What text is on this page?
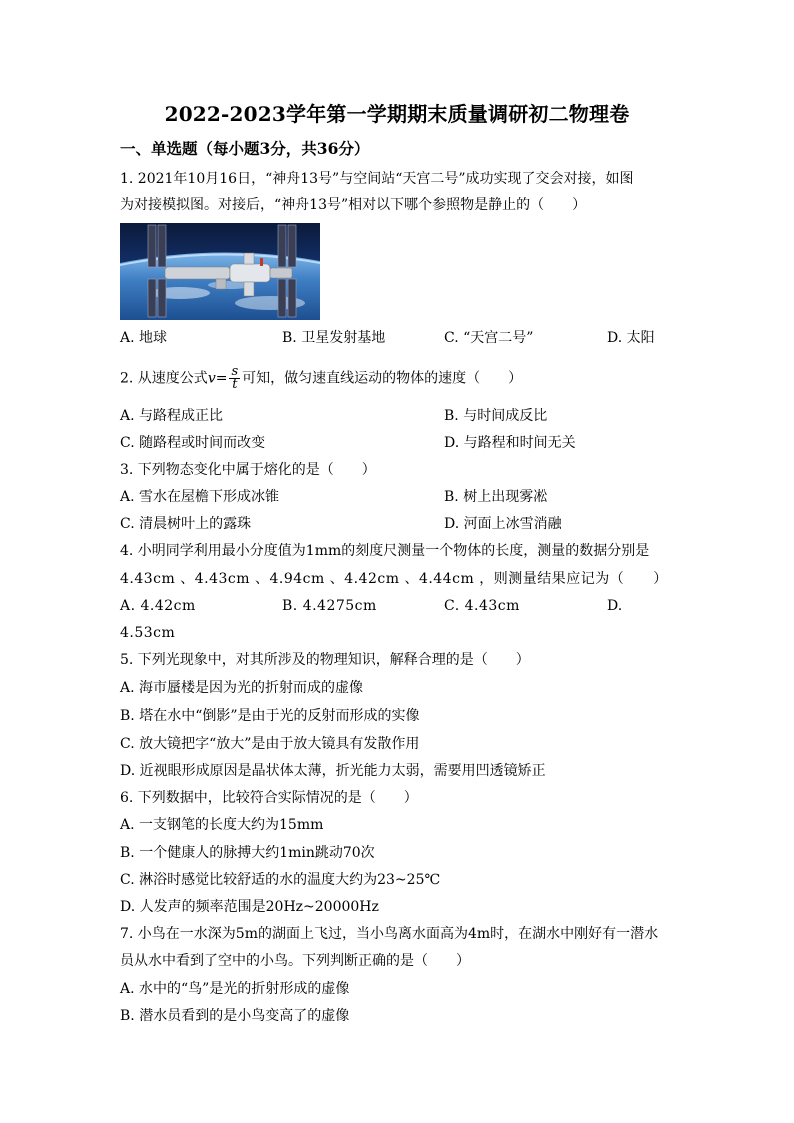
2022-2023学年第一学期期末质量调研初二物理卷
一、单选题（每小题3分，共36分）
1. 2021年10月16日，“神舟13号”与空间站“天宫二号”成功实现了交会对接，如图
为对接模拟图。对接后，“神舟13号”相对以下哪个参照物是静止的（　　）
A. 地球	B. 卫星发射基地	C. “天宫二号”	D. 太阳
2. 从速度公式$v= \frac{s}{t}$ 可知，做匀速直线运动的物体的速度（　　）
A. 与路程成正比	B. 与时间成反比
C. 随路程或时间而改变	D. 与路程和时间无关
3. 下列物态变化中属于熔化的是（　　）
A. 雪水在屋檐下形成冰锥	B. 树上出现雾凇
C. 清晨树叶上的露珠	D. 河面上冰雪消融
4. 小明同学利用最小分度值为1mm的刻度尺测量一个物体的长度，测量的数据分别是
4.43cm 、4.43cm 、4.94cm 、4.42cm 、4.44cm ，则测量结果应记为（　　）
A. 4.42cm	B. 4.4275cm	C. 4.43cm	D.
4.53cm
5. 下列光现象中，对其所涉及的物理知识，解释合理的是（　　）
A. 海市蜃楼是因为光的折射而成的虚像
B. 塔在水中“倒影”是由于光的反射而形成的实像
C. 放大镜把字“放大”是由于放大镜具有发散作用
D. 近视眼形成原因是晶状体太薄，折光能力太弱，需要用凹透镜矫正
6. 下列数据中，比较符合实际情况的是（　　）
A. 一支钢笔的长度大约为15mm
B. 一个健康人的脉搏大约1min跳动70次
C. 淋浴时感觉比较舒适的水的温度大约为23~25℃
D. 人发声的频率范围是20Hz~20000Hz
7. 小鸟在一水深为5m的湖面上飞过，当小鸟离水面高为4m时，在湖水中刚好有一潜水
员从水中看到了空中的小鸟。下列判断正确的是（　　）
A. 水中的“鸟”是光的折射形成的虚像
B. 潜水员看到的是小鸟变高了的虚像
